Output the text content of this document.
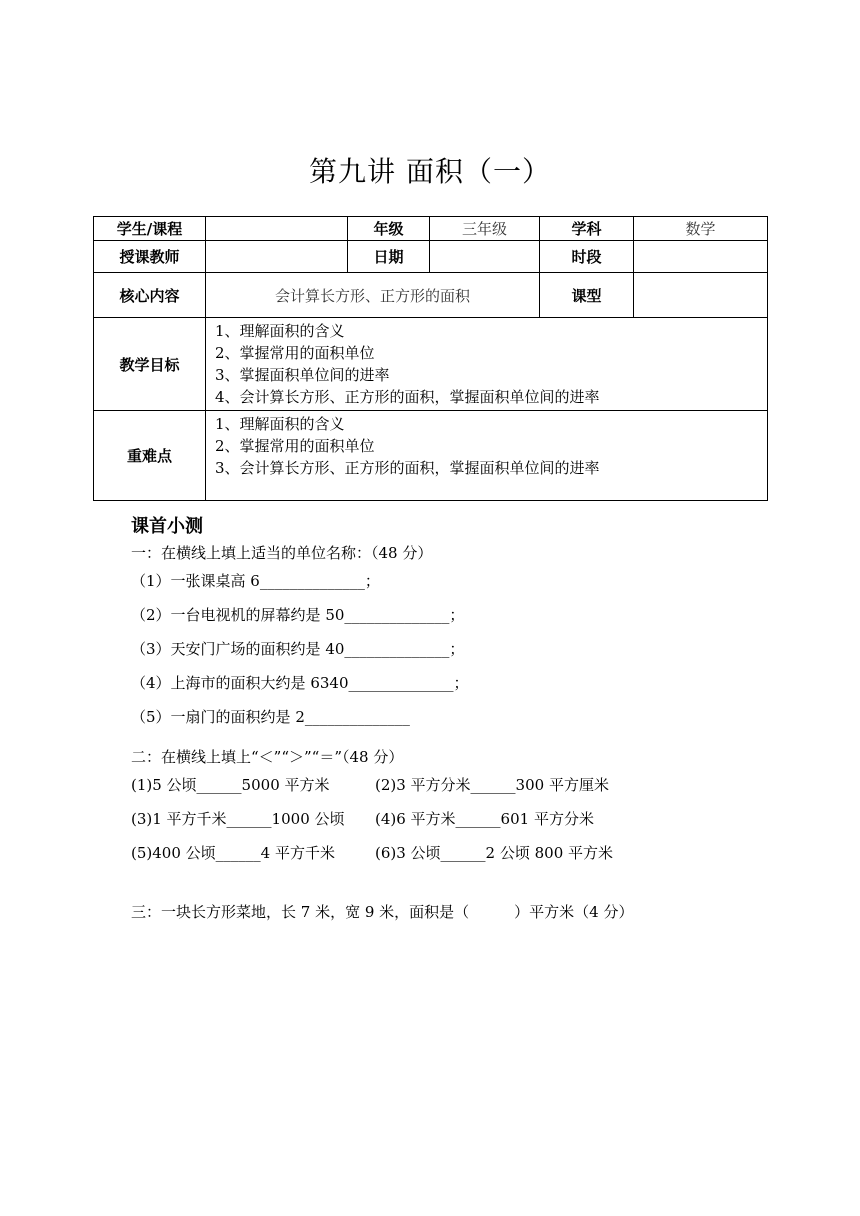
第九讲 面积（一）
学生/课程		年级	三年级	学科	数学
授课教师		日期		时段	
核心内容	会计算长方形、正方形的面积			课型	
教学目标	1、理解面积的含义
2、掌握常用的面积单位
3、掌握面积单位间的进率
4、会计算长方形、正方形的面积，掌握面积单位间的进率				

重难点	1、理解面积的含义
2、掌握常用的面积单位
3、会计算长方形、正方形的面积，掌握面积单位间的进率				
课首小测
一：在横线上填上适当的单位名称：（48 分）
（1）一张课桌高 6______________；
（2）一台电视机的屏幕约是 50______________；
（3）天安门广场的面积约是 40______________；
（4）上海市的面积大约是 6340______________；
（5）一扇门的面积约是 2______________
二：在横线上填上“＜”“＞”“＝”（48 分）
(1)5 公顷______5000 平方米	(2)3 平方分米______300 平方厘米
(3)1 平方千米______1000 公顷 (4)6 平方米______601 平方分米
(5)400 公顷______4 平方千米	(6)3 公顷______2 公顷 800 平方米
三：一块长方形菜地，长 7 米，宽 9 米，面积是（　　　）平方米（4 分）
